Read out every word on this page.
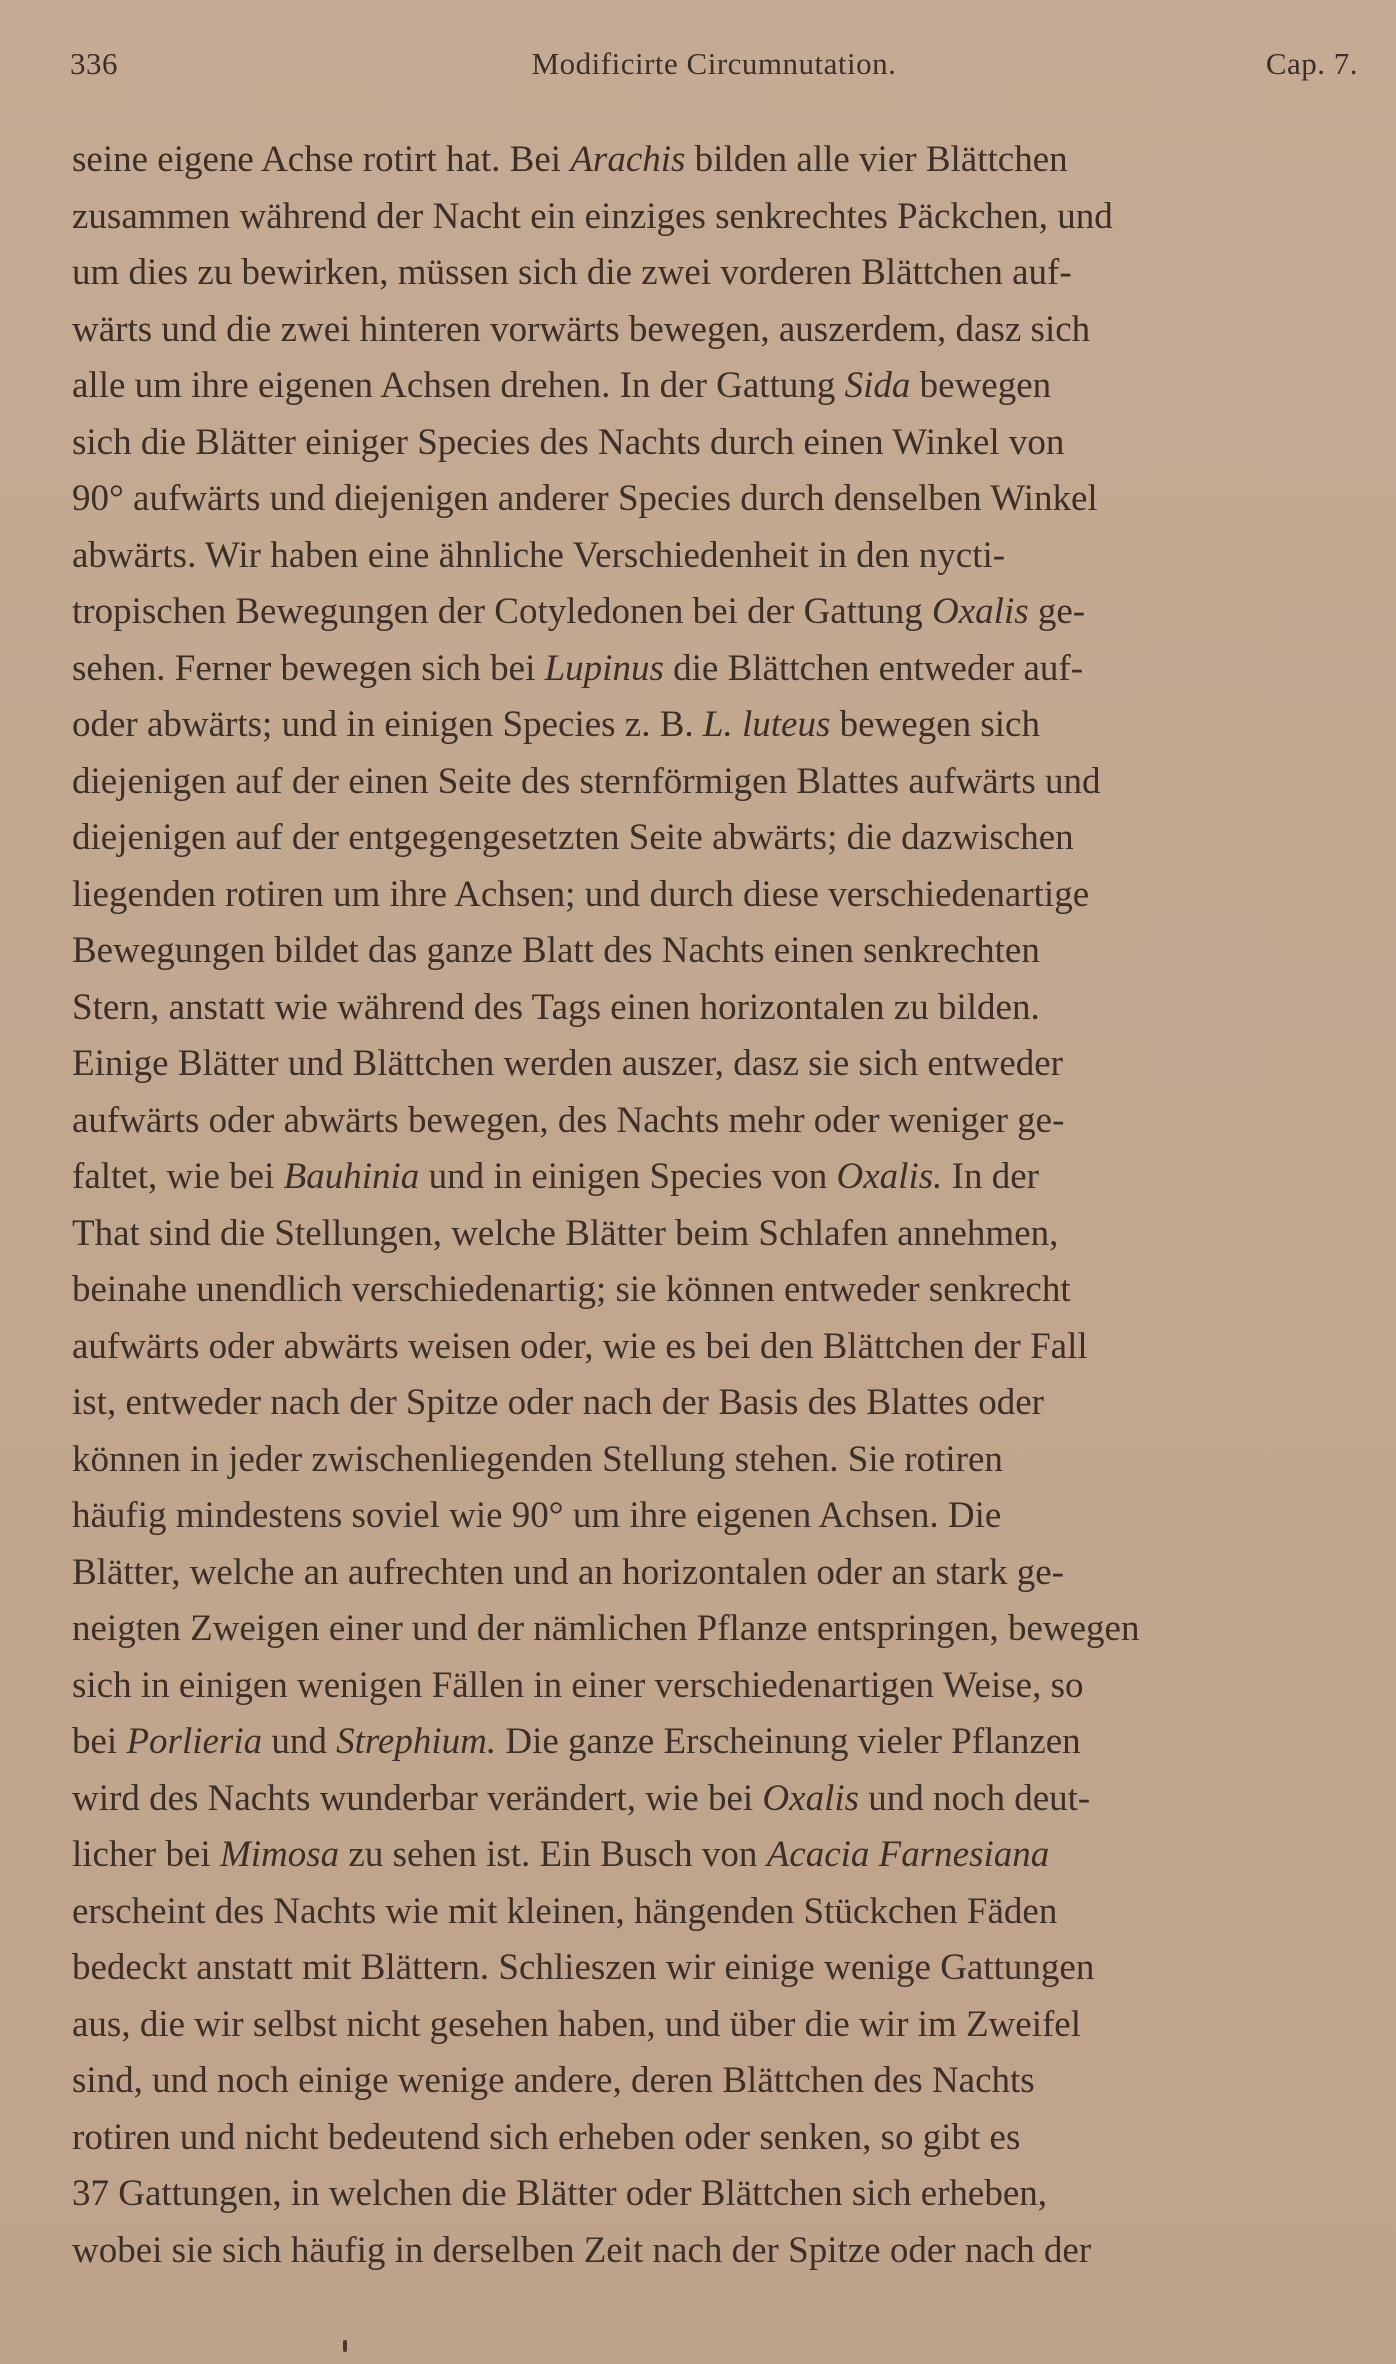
336	Modificirte Circumnutation.	Cap. 7.
seine eigene Achse rotirt hat. Bei Arachis bilden alle vier Blättchen
zusammen während der Nacht ein einziges senkrechtes Päckchen, und
um dies zu bewirken, müssen sich die zwei vorderen Blättchen auf-
wärts und die zwei hinteren vorwärts bewegen, auszerdem, dasz sich
alle um ihre eigenen Achsen drehen. In der Gattung Sida bewegen
sich die Blätter einiger Species des Nachts durch einen Winkel von
90° aufwärts und diejenigen anderer Species durch denselben Winkel
abwärts. Wir haben eine ähnliche Verschiedenheit in den nycti-
tropischen Bewegungen der Cotyledonen bei der Gattung Oxalis ge-
sehen. Ferner bewegen sich bei Lupinus die Blättchen entweder auf-
oder abwärts; und in einigen Species z. B. L. luteus bewegen sich
diejenigen auf der einen Seite des sternförmigen Blattes aufwärts und
diejenigen auf der entgegengesetzten Seite abwärts; die dazwischen
liegenden rotiren um ihre Achsen; und durch diese verschiedenartige
Bewegungen bildet das ganze Blatt des Nachts einen senkrechten
Stern, anstatt wie während des Tags einen horizontalen zu bilden.
Einige Blätter und Blättchen werden auszer, dasz sie sich entweder
aufwärts oder abwärts bewegen, des Nachts mehr oder weniger ge-
faltet, wie bei Bauhinia und in einigen Species von Oxalis. In der
That sind die Stellungen, welche Blätter beim Schlafen annehmen,
beinahe unendlich verschiedenartig; sie können entweder senkrecht
aufwärts oder abwärts weisen oder, wie es bei den Blättchen der Fall
ist, entweder nach der Spitze oder nach der Basis des Blattes oder
können in jeder zwischenliegenden Stellung stehen. Sie rotiren
häufig mindestens soviel wie 90° um ihre eigenen Achsen. Die
Blätter, welche an aufrechten und an horizontalen oder an stark ge-
neigten Zweigen einer und der nämlichen Pflanze entspringen, bewegen
sich in einigen wenigen Fällen in einer verschiedenartigen Weise, so
bei Porlieria und Strephium. Die ganze Erscheinung vieler Pflanzen
wird des Nachts wunderbar verändert, wie bei Oxalis und noch deut-
licher bei Mimosa zu sehen ist. Ein Busch von Acacia Farnesiana
erscheint des Nachts wie mit kleinen, hängenden Stückchen Fäden
bedeckt anstatt mit Blättern. Schlieszen wir einige wenige Gattungen
aus, die wir selbst nicht gesehen haben, und über die wir im Zweifel
sind, und noch einige wenige andere, deren Blättchen des Nachts
rotiren und nicht bedeutend sich erheben oder senken, so gibt es
37 Gattungen, in welchen die Blätter oder Blättchen sich erheben,
wobei sie sich häufig in derselben Zeit nach der Spitze oder nach der
